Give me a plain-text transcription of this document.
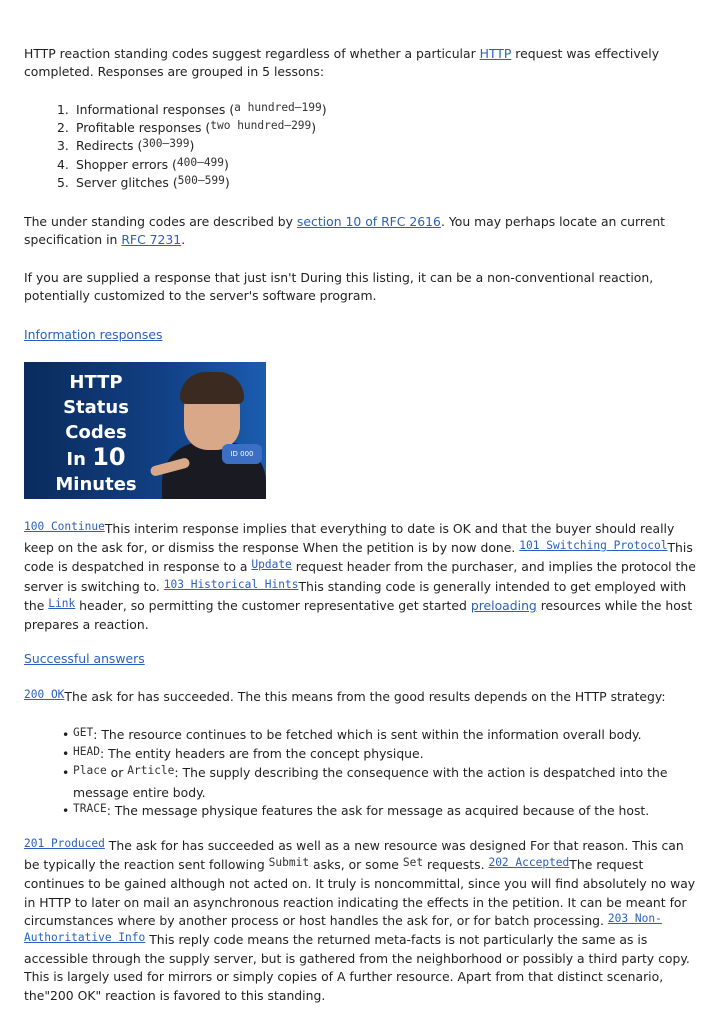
HTTP reaction standing codes suggest regardless of whether a particular HTTP request was effectively completed. Responses are grouped in 5 lessons:

1. Informational responses (a hundred–199)
2. Profitable responses (two hundred–299)
3. Redirects (300–399)
4. Shopper errors (400–499)
5. Server glitches (500–599)

The under standing codes are described by section 10 of RFC 2616. You may perhaps locate an current specification in RFC 7231.

If you are supplied a response that just isn't During this listing, it can be a non-conventional reaction, potentially customized to the server's software program.

Information responses
HTTP
Status
Codes
In 10
Minutes
ID 000

100 ContinueThis interim response implies that everything to date is OK and that the buyer should really keep on the ask for, or dismiss the response When the petition is by now done. 101 Switching ProtocolThis code is despatched in response to a Update request header from the purchaser, and implies the protocol the server is switching to. 103 Historical HintsThis standing code is generally intended to get employed with the Link header, so permitting the customer representative get started preloading resources while the host prepares a reaction.

Successful answers

200 OKThe ask for has succeeded. The this means from the good results depends on the HTTP strategy:

• GET: The resource continues to be fetched which is sent within the information overall body.
• HEAD: The entity headers are from the concept physique.
• Place or Article: The supply describing the consequence with the action is despatched into the message entire body.
• TRACE: The message physique features the ask for message as acquired because of the host.

201 Produced The ask for has succeeded as well as a new resource was designed For that reason. This can be typically the reaction sent following Submit asks, or some Set requests. 202 AcceptedThe request continues to be gained although not acted on. It truly is noncommittal, since you will find absolutely no way in HTTP to later on mail an asynchronous reaction indicating the effects in the petition. It can be meant for circumstances where by another process or host handles the ask for, or for batch processing. 203 Non-Authoritative Info This reply code means the returned meta-facts is not particularly the same as is accessible through the supply server, but is gathered from the neighborhood or possibly a third party copy. This is largely used for mirrors or simply copies of A further resource. Apart from that distinct scenario, the"200 OK" reaction is favored to this standing.
